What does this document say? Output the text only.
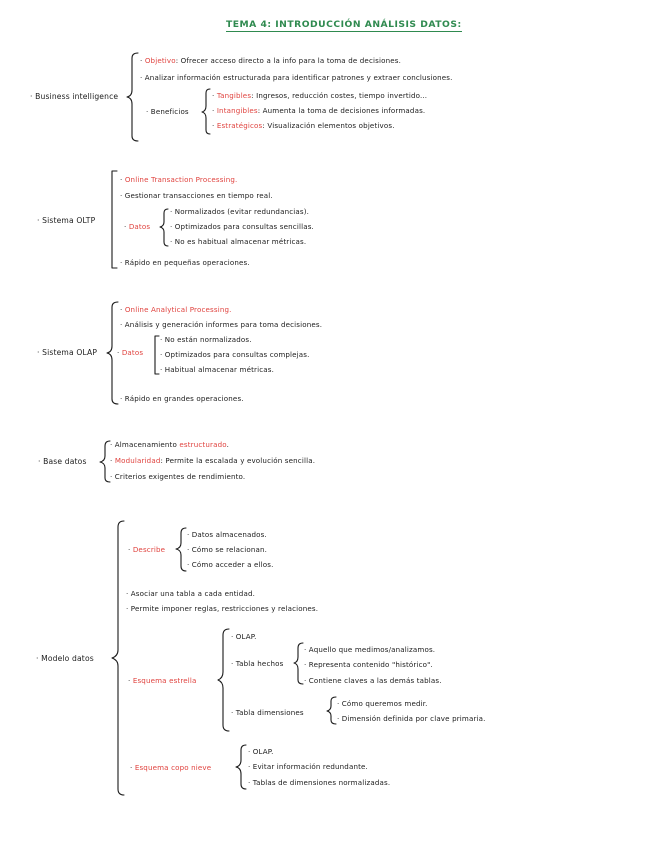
TEMA 4: INTRODUCCIÓN ANÁLISIS DATOS:
· Business intelligence
· Objetivo: Ofrecer acceso directo a la info para la toma de decisiones.
· Analizar información estructurada para identificar patrones y extraer conclusiones.
· Beneficios
· Tangibles: Ingresos, reducción costes, tiempo invertido...
· Intangibles: Aumenta la toma de decisiones informadas.
· Estratégicos: Visualización elementos objetivos.
· Sistema OLTP
· Online Transaction Processing.
· Gestionar transacciones en tiempo real.
· Datos
· Normalizados (evitar redundancias).
· Optimizados para consultas sencillas.
· No es habitual almacenar métricas.
· Rápido en pequeñas operaciones.
· Sistema OLAP
· Online Analytical Processing.
· Análisis y generación informes para toma decisiones.
· Datos
· No están normalizados.
· Optimizados para consultas complejas.
· Habitual almacenar métricas.
· Rápido en grandes operaciones.
· Base datos
· Almacenamiento estructurado.
· Modularidad: Permite la escalada y evolución sencilla.
· Criterios exigentes de rendimiento.
· Modelo datos
· Describe
· Datos almacenados.
· Cómo se relacionan.
· Cómo acceder a ellos.
· Asociar una tabla a cada entidad.
· Permite imponer reglas, restricciones y relaciones.
· Esquema estrella
· OLAP.
· Tabla hechos
· Aquello que medimos/analizamos.
· Representa contenido "histórico".
· Contiene claves a las demás tablas.
· Tabla dimensiones
· Cómo queremos medir.
· Dimensión definida por clave primaria.
· Esquema copo nieve
· OLAP.
· Evitar información redundante.
· Tablas de dimensiones normalizadas.
